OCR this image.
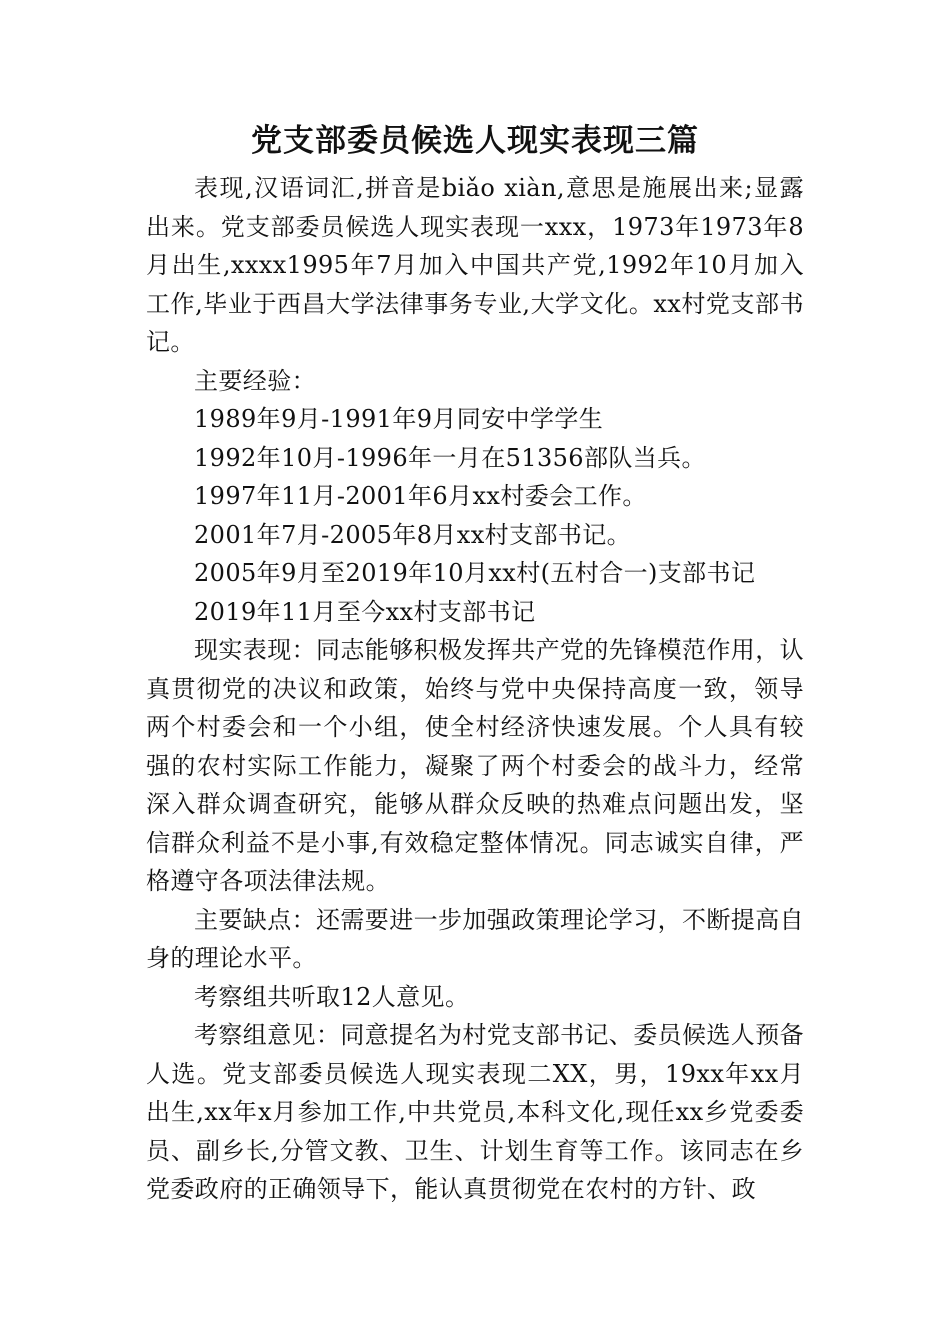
党支部委员候选人现实表现三篇

表现,汉语词汇,拼音是biǎo xiàn,意思是施展出来;显露出来。党支部委员候选人现实表现一xxx，1973年1973年8月出生,xxxx1995年7月加入中国共产党,1992年10月加入工作,毕业于西昌大学法律事务专业,大学文化。xx村党支部书记。

主要经验：

1989年9月-1991年9月同安中学学生

1992年10月-1996年一月在51356部队当兵。

1997年11月-2001年6月xx村委会工作。

2001年7月-2005年8月xx村支部书记。

2005年9月至2019年10月xx村(五村合一)支部书记

2019年11月至今xx村支部书记

现实表现：同志能够积极发挥共产党的先锋模范作用，认真贯彻党的决议和政策，始终与党中央保持高度一致，领导两个村委会和一个小组，使全村经济快速发展。个人具有较强的农村实际工作能力，凝聚了两个村委会的战斗力，经常深入群众调查研究，能够从群众反映的热难点问题出发，坚信群众利益不是小事,有效稳定整体情况。同志诚实自律，严格遵守各项法律法规。

主要缺点：还需要进一步加强政策理论学习，不断提高自身的理论水平。

考察组共听取12人意见。

考察组意见：同意提名为村党支部书记、委员候选人预备人选。党支部委员候选人现实表现二XX，男，19xx年xx月出生,xx年x月参加工作,中共党员,本科文化,现任xx乡党委委员、副乡长,分管文教、卫生、计划生育等工作。该同志在乡党委政府的正确领导下，能认真贯彻党在农村的方针、政
